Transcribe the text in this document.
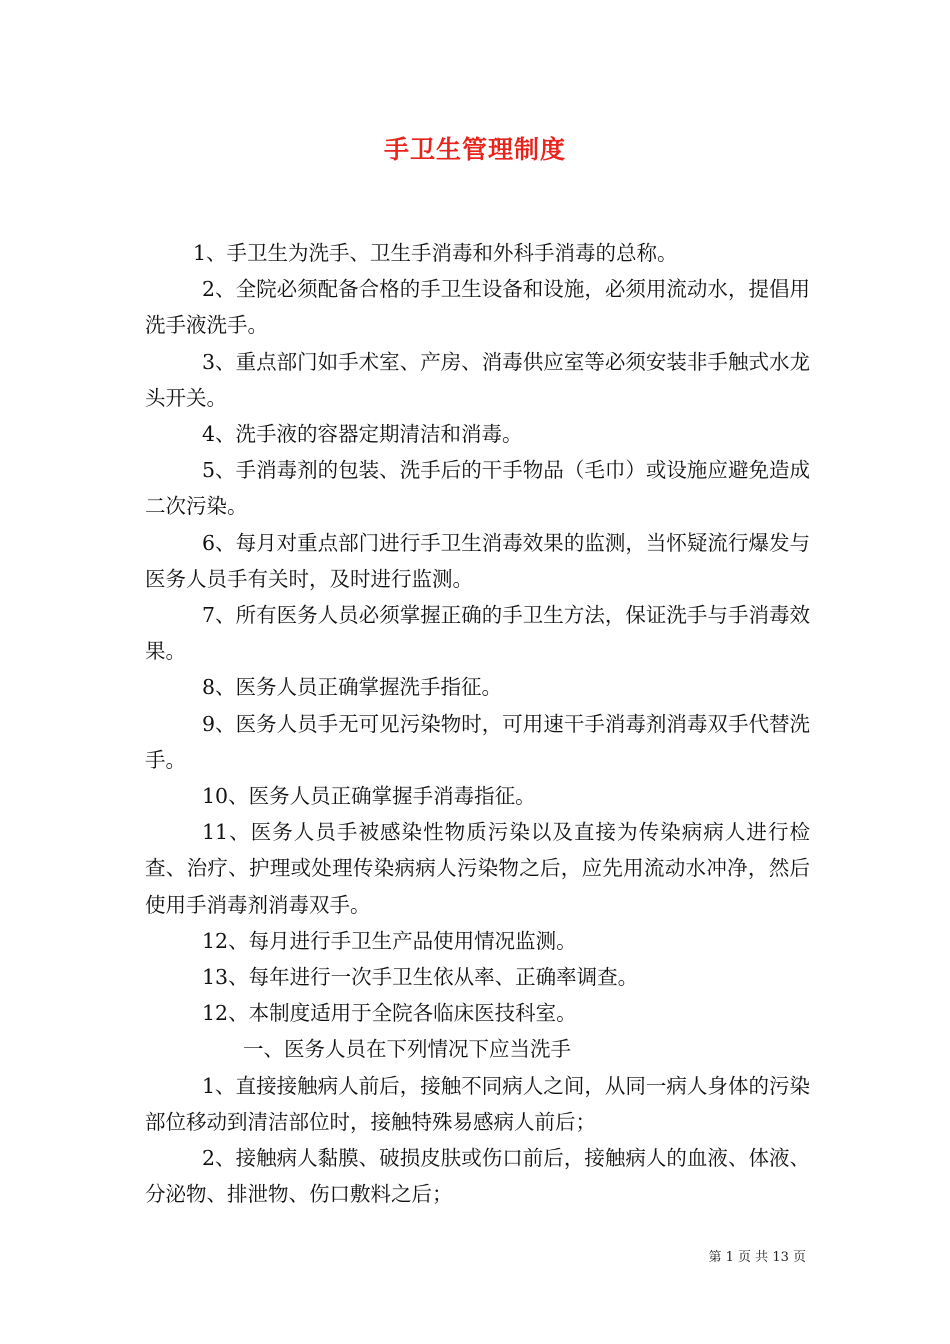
手卫生管理制度

1、手卫生为洗手、卫生手消毒和外科手消毒的总称。

2、全院必须配备合格的手卫生设备和设施，必须用流动水，提倡用洗手液洗手。

3、重点部门如手术室、产房、消毒供应室等必须安装非手触式水龙头开关。

4、洗手液的容器定期清洁和消毒。

5、手消毒剂的包装、洗手后的干手物品（毛巾）或设施应避免造成二次污染。

6、每月对重点部门进行手卫生消毒效果的监测，当怀疑流行爆发与医务人员手有关时，及时进行监测。

7、所有医务人员必须掌握正确的手卫生方法，保证洗手与手消毒效果。

8、医务人员正确掌握洗手指征。

9、医务人员手无可见污染物时，可用速干手消毒剂消毒双手代替洗手。

10、医务人员正确掌握手消毒指征。

11、医务人员手被感染性物质污染以及直接为传染病病人进行检查、治疗、护理或处理传染病病人污染物之后，应先用流动水冲净，然后使用手消毒剂消毒双手。

12、每月进行手卫生产品使用情况监测。

13、每年进行一次手卫生依从率、正确率调查。

12、本制度适用于全院各临床医技科室。

一、医务人员在下列情况下应当洗手

1、直接接触病人前后，接触不同病人之间，从同一病人身体的污染部位移动到清洁部位时，接触特殊易感病人前后；

2、接触病人黏膜、破损皮肤或伤口前后，接触病人的血液、体液、分泌物、排泄物、伤口敷料之后；

第 1 页 共 13 页
